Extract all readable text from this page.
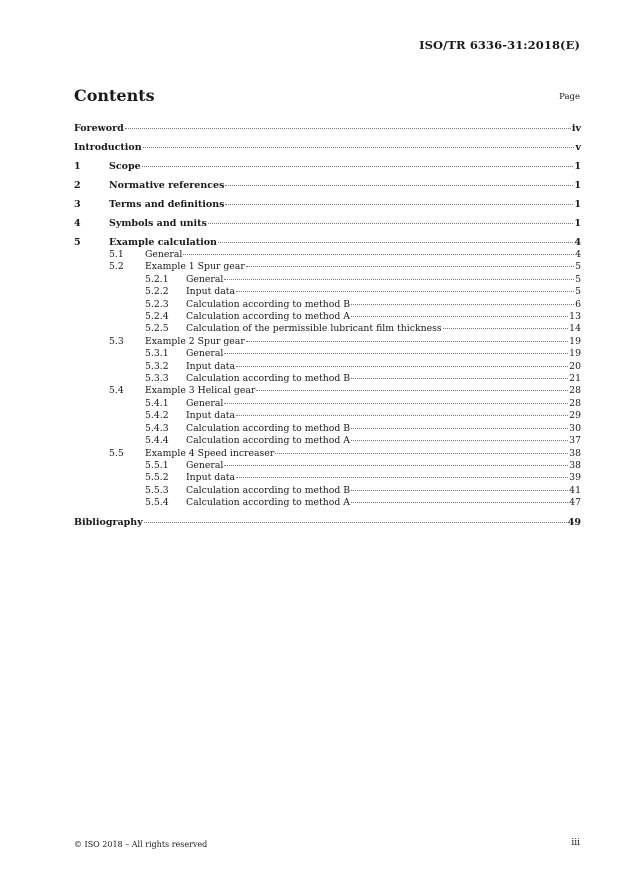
ISO/TR 6336-31:2018(E)
Contents	Page
Foreword	iv
Introduction	v
1	Scope	1
2	Normative references	1
3	Terms and definitions	1
4	Symbols and units	1
5	Example calculation	4
5.1	General	4
5.2	Example 1 Spur gear	5
5.2.1	General	5
5.2.2	Input data	5
5.2.3	Calculation according to method B	6
5.2.4	Calculation according to method A	13
5.2.5	Calculation of the permissible lubricant film thickness	14
5.3	Example 2 Spur gear	19
5.3.1	General	19
5.3.2	Input data	20
5.3.3	Calculation according to method B	21
5.4	Example 3 Helical gear	28
5.4.1	General	28
5.4.2	Input data	29
5.4.3	Calculation according to method B	30
5.4.4	Calculation according to method A	37
5.5	Example 4 Speed increaser	38
5.5.1	General	38
5.5.2	Input data	39
5.5.3	Calculation according to method B	41
5.5.4	Calculation according to method A	47
Bibliography	49
© ISO 2018 – All rights reserved	iii
